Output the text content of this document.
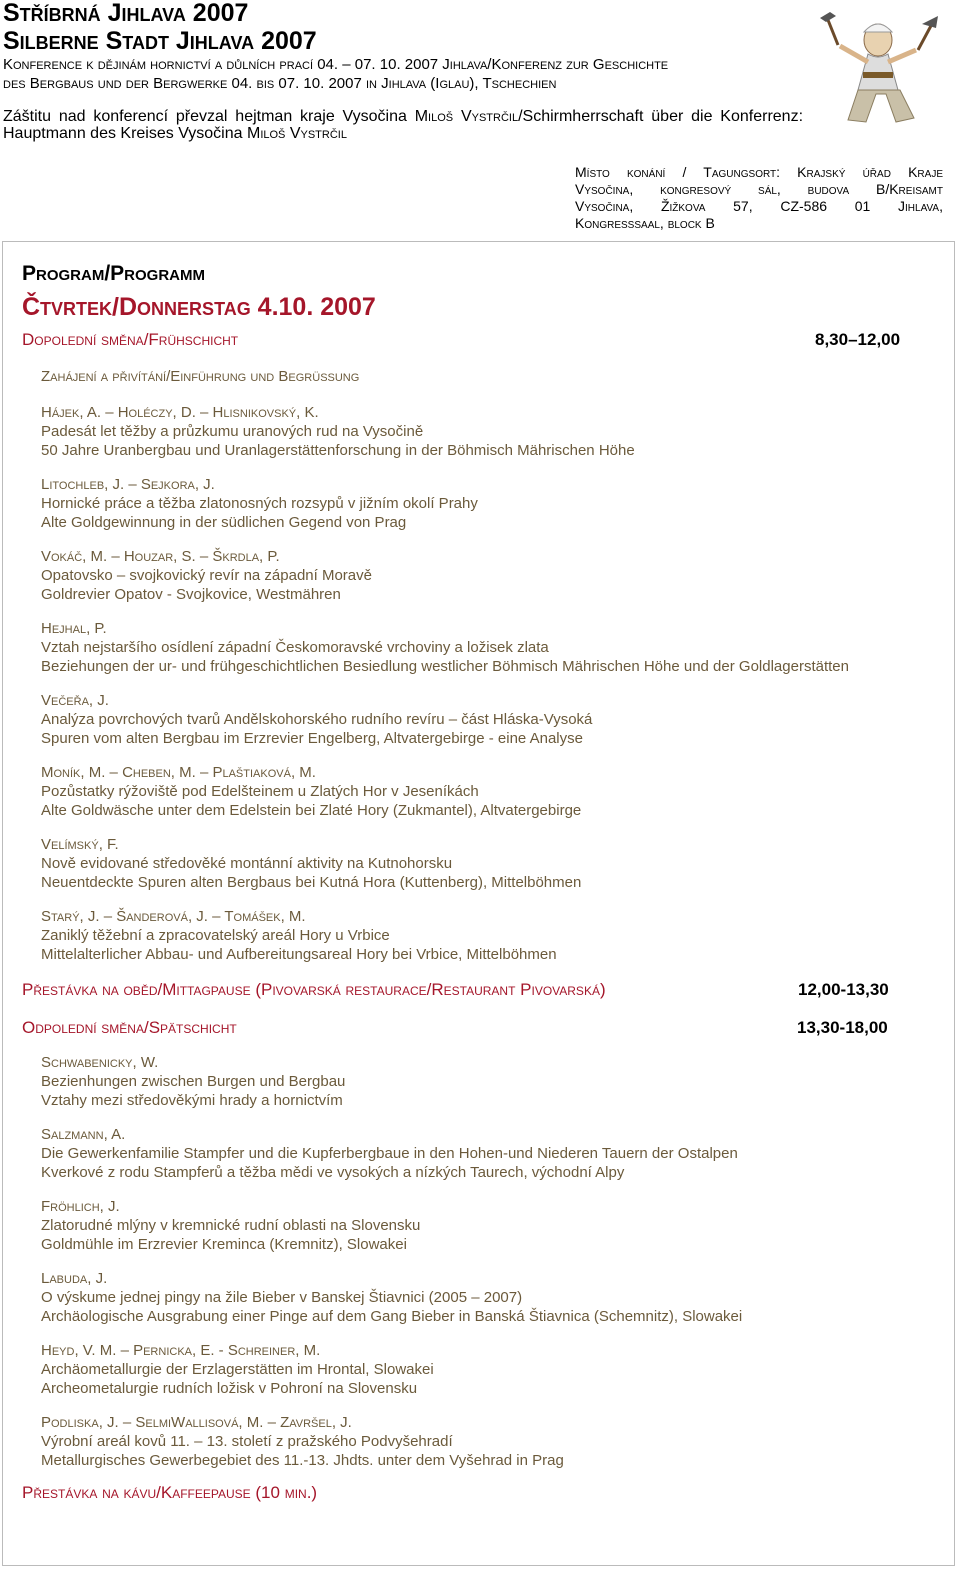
Stříbrná Jihlava 2007
Silberne Stadt Jihlava 2007
Konference k dějinám hornictví a důlních prací 04. – 07. 10. 2007 Jihlava/Konferenz zur Geschichte
des Bergbaus und der Bergwerke 04. bis 07. 10. 2007 in Jihlava (Iglau), Tschechien
Záštitu nad konferencí převzal hejtman kraje Vysočina Miloš Vystrčil/Schirmherrschaft über die Konferrenz: Hauptmann des Kreises Vysočina Miloš Vystrčil
Místo konání / Tagungsort: Krajský úřad Kraje
Vysočina, kongresový sál, budova B/Kreisamt
Vysočina, Žižkova 57, CZ-586 01 Jihlava,
Kongresssaal, block B
Program/Programm
Čtvrtek/Donnerstag 4.10. 2007
Dopolední směna/Frühschicht	8,30–12,00
Zahájení a přivítání/Einführung und Begrüßung
Hájek, A. – Holéczy, D. – Hlisnikovský, K.
Padesát let těžby a průzkumu uranových rud na Vysočině
50 Jahre Uranbergbau und Uranlagerstättenforschung in der Böhmisch Mährischen Höhe
Litochleb, J. – Sejkora, J.
Hornické práce a těžba zlatonosných rozsypů v jižním okolí Prahy
Alte Goldgewinnung in der südlichen Gegend von Prag
Vokáč, M. – Houzar, S. – Škrdla, P.
Opatovsko – svojkovický revír na západní Moravě
Goldrevier Opatov - Svojkovice, Westmähren
Hejhal, P.
Vztah nejstaršího osídlení západní Českomoravské vrchoviny a ložisek zlata
Beziehungen der ur- und frühgeschichtlichen Besiedlung westlicher Böhmisch Mährischen Höhe und der Goldlagerstätten
Večeřa, J.
Analýza povrchových tvarů Andělskohorského rudního revíru – část Hláska-Vysoká
Spuren vom alten Bergbau im Erzrevier Engelberg, Altvatergebirge - eine Analyse
Moník, M. – Cheben, M. – Plaštiaková, M.
Pozůstatky rýžoviště pod Edelšteinem u Zlatých Hor v Jeseníkách
Alte Goldwäsche unter dem Edelstein bei Zlaté Hory (Zukmantel), Altvatergebirge
Velímský, F.
Nově evidované středověké montánní aktivity na Kutnohorsku
Neuentdeckte Spuren alten Bergbaus bei Kutná Hora (Kuttenberg), Mittelböhmen
Starý, J. – Šanderová, J. – Tomášek, M.
Zaniklý těžební a zpracovatelský areál Hory u Vrbice
Mittelalterlicher Abbau- und Aufbereitungsareal Hory bei Vrbice, Mittelböhmen
Přestávka na oběd/Mittagpause (Pivovarská restaurace/Restaurant Pivovarská)	12,00-13,30
Odpolední směna/Spätschicht	13,30-18,00
Schwabenicky, W.
Bezienhungen zwischen Burgen und Bergbau
Vztahy mezi středověkými hrady a hornictvím
Salzmann, A.
Die Gewerkenfamilie Stampfer und die Kupferbergbaue in den Hohen-und Niederen Tauern der Ostalpen
Kverkové z rodu Stampferů a těžba mědi ve vysokých a nízkých Taurech, východní Alpy
Fröhlich, J.
Zlatorudné mlýny v kremnické rudní oblasti na Slovensku
Goldmühle im Erzrevier Kreminca (Kremnitz), Slowakei
Labuda, J.
O výskume jednej pingy na žile Bieber v Banskej Štiavnici (2005 – 2007)
Archäologische Ausgrabung einer Pinge auf dem Gang Bieber in Banská Štiavnica (Schemnitz), Slowakei
Heyd, V. M. – Pernicka, E. - Schreiner, M.
Archäometallurgie der Erzlagerstätten im Hrontal, Slowakei
Archeometalurgie rudních ložisk v Pohroní na Slovensku
Podliska, J. – SelmiWallisová, M. – Završel, J.
Výrobní areál kovů 11. – 13. století z pražského Podvyšehradí
Metallurgisches Gewerbegebiet des 11.-13. Jhdts. unter dem Vyšehrad in Prag
Přestávka na kávu/Kaffeepause (10 min.)
